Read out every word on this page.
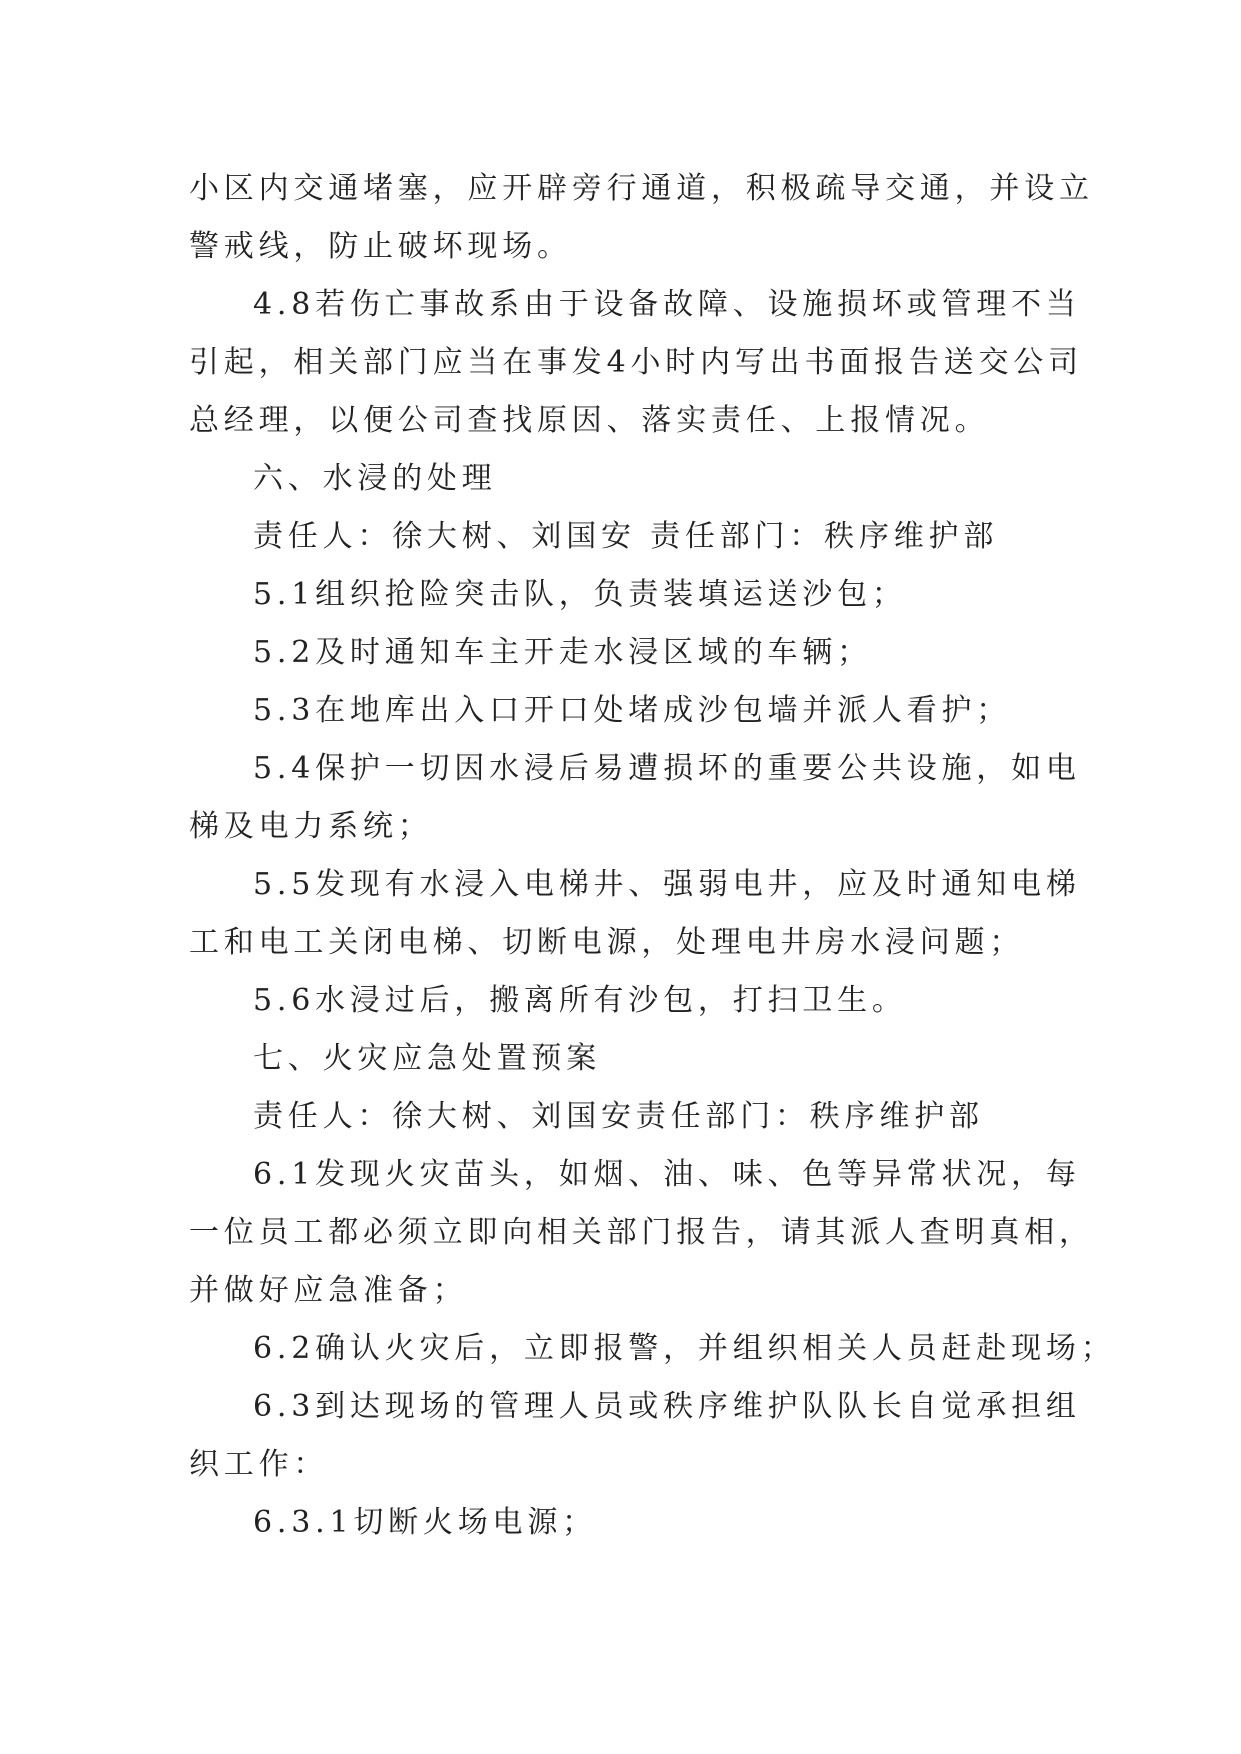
小区内交通堵塞，应开辟旁行通道，积极疏导交通，并设立
警戒线，防止破坏现场。
4.8若伤亡事故系由于设备故障、设施损坏或管理不当
引起，相关部门应当在事发4小时内写出书面报告送交公司
总经理，以便公司查找原因、落实责任、上报情况。
六、水浸的处理
责任人：徐大树、刘国安 责任部门：秩序维护部
5.1组织抢险突击队，负责装填运送沙包；
5.2及时通知车主开走水浸区域的车辆；
5.3在地库出入口开口处堵成沙包墙并派人看护；
5.4保护一切因水浸后易遭损坏的重要公共设施，如电
梯及电力系统；
5.5发现有水浸入电梯井、强弱电井，应及时通知电梯
工和电工关闭电梯、切断电源，处理电井房水浸问题；
5.6水浸过后，搬离所有沙包，打扫卫生。
七、火灾应急处置预案
责任人：徐大树、刘国安责任部门：秩序维护部
6.1发现火灾苗头，如烟、油、味、色等异常状况，每
一位员工都必须立即向相关部门报告，请其派人查明真相，
并做好应急准备；
6.2确认火灾后，立即报警，并组织相关人员赶赴现场；
6.3到达现场的管理人员或秩序维护队队长自觉承担组
织工作：
6.3.1切断火场电源；
